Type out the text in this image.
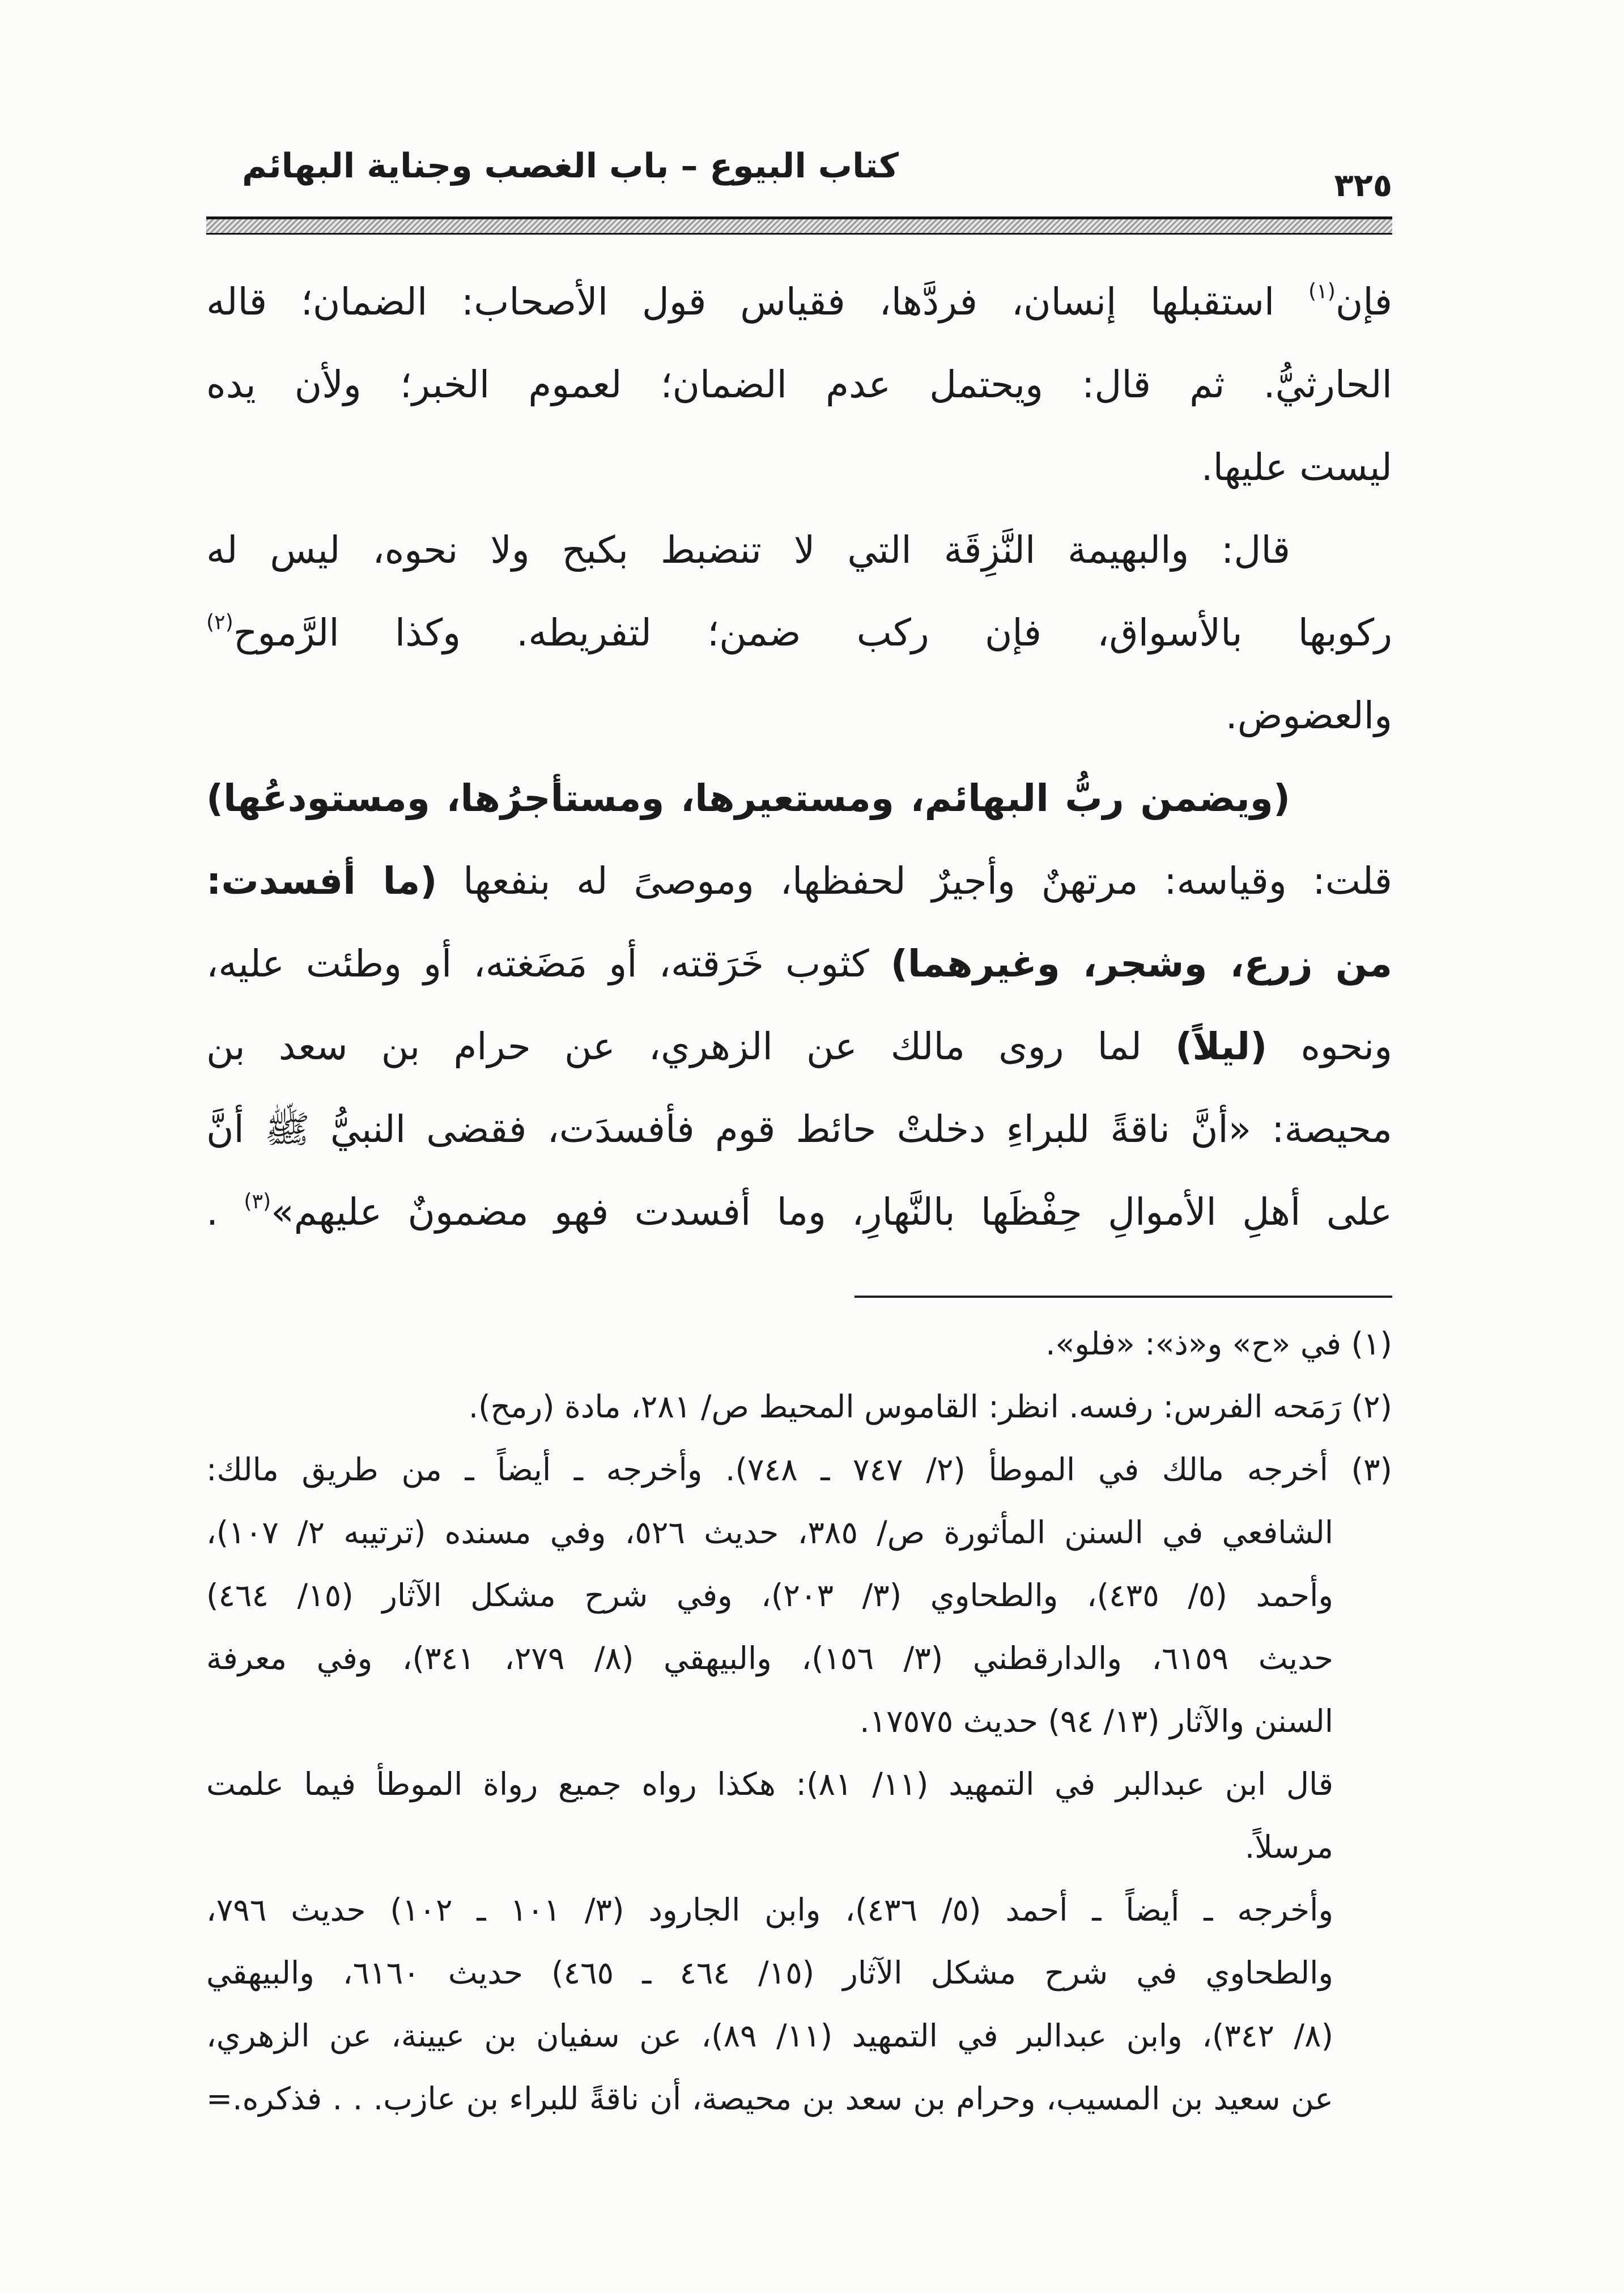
كتاب البيوع – باب الغصب وجناية البهائم	٣٢٥
فإن$^{(١)}$ استقبلها إنسان، فردَّها، فقياس قول الأصحاب: الضمان؛ قاله
الحارثيُّ. ثم قال: ويحتمل عدم الضمان؛ لعموم الخبر؛ ولأن يده
ليست عليها.
قال: والبهيمة النَّزِقَة التي لا تنضبط بكبح ولا نحوه، ليس له
ركوبها بالأسواق، فإن ركب ضمن؛ لتفريطه. وكذا الرَّموح$^{(٢)}$
والعضوض.
(ويضمن ربُّ البهائم، ومستعيرها، ومستأجرُها، ومستودعُها)
قلت: وقياسه: مرتهنٌ وأجيرٌ لحفظها، وموصىً له بنفعها (ما أفسدت:
من زرع، وشجر، وغيرهما) كثوب خَرَقته، أو مَضَغته، أو وطئت عليه،
ونحوه (ليلاً) لما روى مالك عن الزهري، عن حرام بن سعد بن
محيصة: «أنَّ ناقةً للبراءِ دخلتْ حائط قوم فأفسدَت، فقضى النبيُّ ﷺ أنَّ
على أهلِ الأموالِ حِفْظَها بالنَّهارِ، وما أفسدت فهو مضمونٌ عليهم»$^{(٣)}$ .
(١) في «ح» و«ذ»: «فلو».
(٢) رَمَحه الفرس: رفسه. انظر: القاموس المحيط ص/ ٢٨١، مادة (رمح).
(٣) أخرجه مالك في الموطأ (٢/ ٧٤٧ ـ ٧٤٨). وأخرجه ـ أيضاً ـ من طريق مالك:
الشافعي في السنن المأثورة ص/ ٣٨٥، حديث ٥٢٦، وفي مسنده (ترتيبه ٢/ ١٠٧)،
وأحمد (٥/ ٤٣٥)، والطحاوي (٣/ ٢٠٣)، وفي شرح مشكل الآثار (١٥/ ٤٦٤)
حديث ٦١٥٩، والدارقطني (٣/ ١٥٦)، والبيهقي (٨/ ٢٧٩، ٣٤١)، وفي معرفة
السنن والآثار (١٣/ ٩٤) حديث ١٧٥٧٥.
قال ابن عبدالبر في التمهيد (١١/ ٨١): هكذا رواه جميع رواة الموطأ فيما علمت
مرسلاً.
وأخرجه ـ أيضاً ـ أحمد (٥/ ٤٣٦)، وابن الجارود (٣/ ١٠١ ـ ١٠٢) حديث ٧٩٦،
والطحاوي في شرح مشكل الآثار (١٥/ ٤٦٤ ـ ٤٦٥) حديث ٦١٦٠، والبيهقي
(٨/ ٣٤٢)، وابن عبدالبر في التمهيد (١١/ ٨٩)، عن سفيان بن عيينة، عن الزهري،
عن سعيد بن المسيب، وحرام بن سعد بن محيصة، أن ناقةً للبراء بن عازب. . . فذكره.=
